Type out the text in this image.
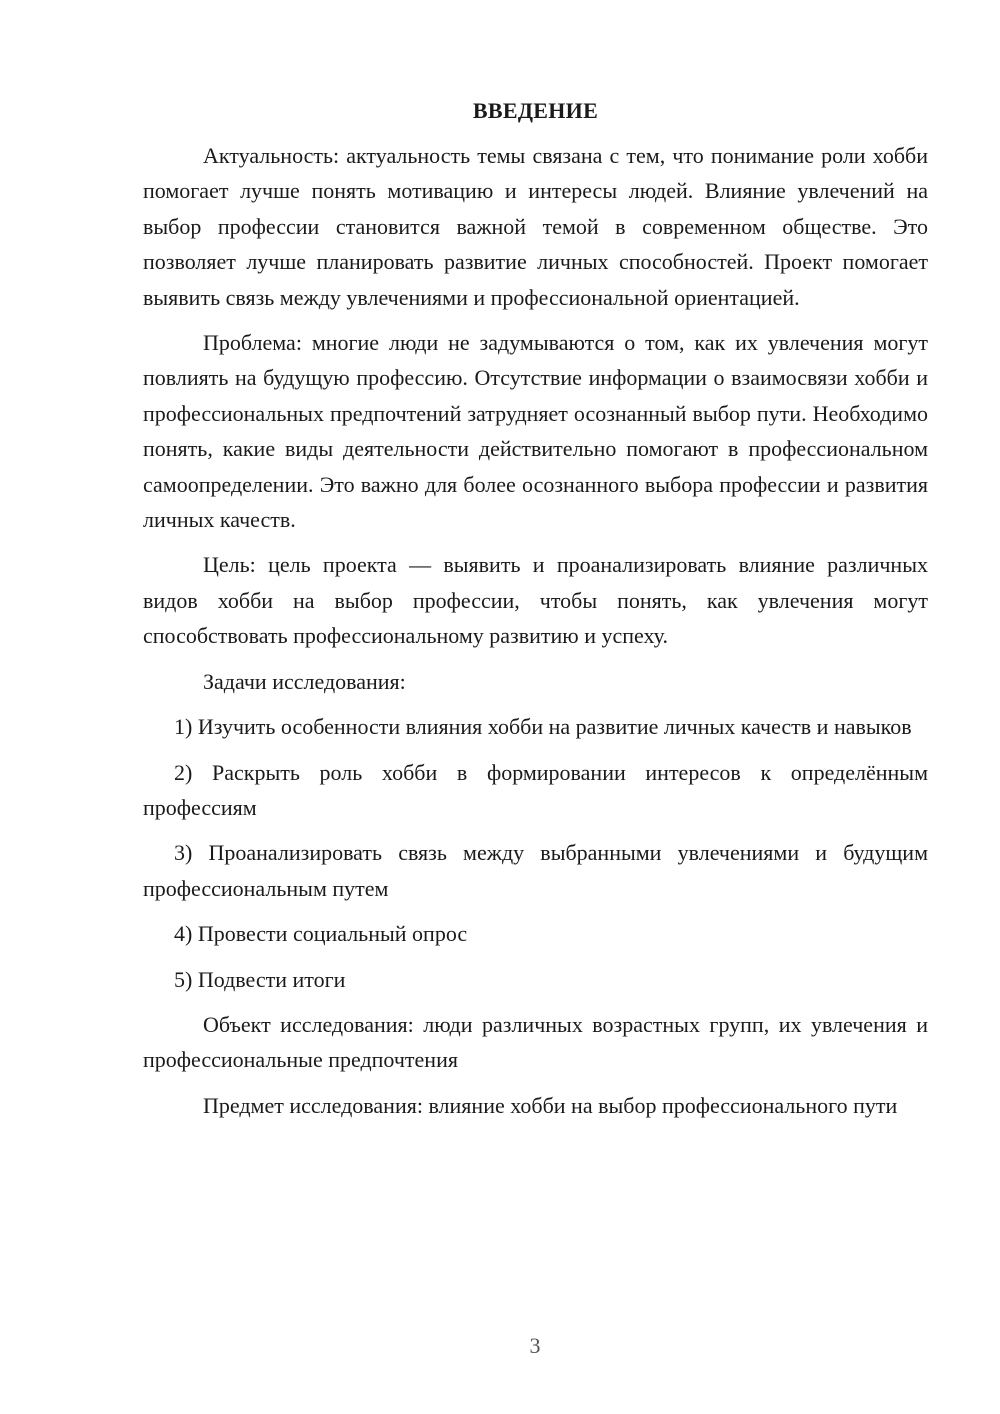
ВВЕДЕНИЕ

Актуальность: актуальность темы связана с тем, что понимание роли хобби помогает лучше понять мотивацию и интересы людей. Влияние увлечений на выбор профессии становится важной темой в современном обществе. Это позволяет лучше планировать развитие личных способностей. Проект помогает выявить связь между увлечениями и профессиональной ориентацией.

Проблема: многие люди не задумываются о том, как их увлечения могут повлиять на будущую профессию. Отсутствие информации о взаимосвязи хобби и профессиональных предпочтений затрудняет осознанный выбор пути. Необходимо понять, какие виды деятельности действительно помогают в профессиональном самоопределении. Это важно для более осознанного выбора профессии и развития личных качеств.

Цель: цель проекта — выявить и проанализировать влияние различных видов хобби на выбор профессии, чтобы понять, как увлечения могут способствовать профессиональному развитию и успеху.

Задачи исследования:

1) Изучить особенности влияния хобби на развитие личных качеств и навыков

2) Раскрыть роль хобби в формировании интересов к определённым профессиям

3) Проанализировать связь между выбранными увлечениями и будущим профессиональным путем

4) Провести социальный опрос

5) Подвести итоги

Объект исследования: люди различных возрастных групп, их увлечения и профессиональные предпочтения

Предмет исследования: влияние хобби на выбор профессионального пути

3
